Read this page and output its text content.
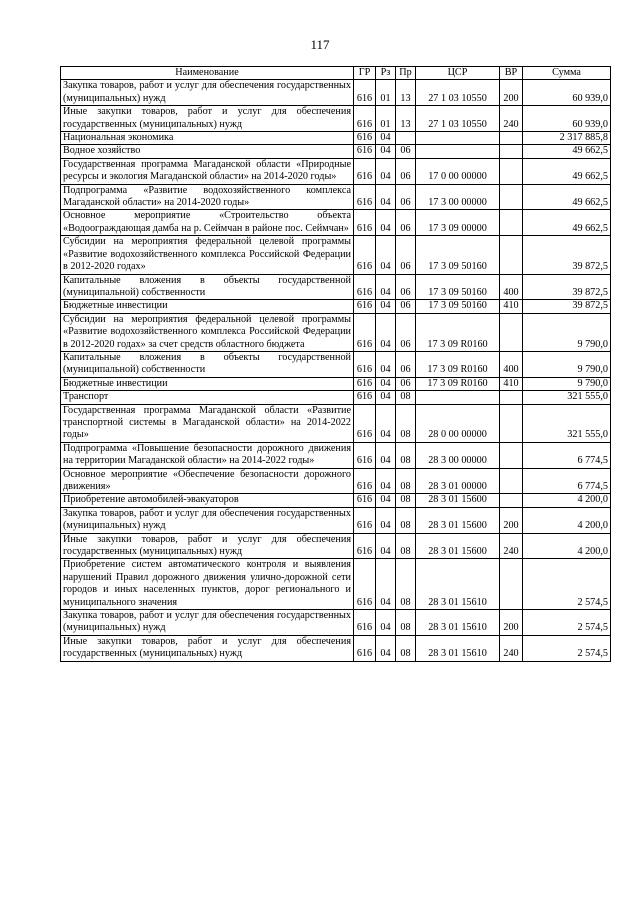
117
Наименование	ГР	Рз	Пр	ЦСР	ВР	Сумма
Закупка товаров, работ и услуг для обеспечения государственных (муниципальных) нужд	616	01	13	27 1 03 10550	200	60 939,0
Иные закупки товаров, работ и услуг для обеспечения государственных (муниципальных) нужд	616	01	13	27 1 03 10550	240	60 939,0
Национальная экономика	616	04				2 317 885,8
Водное хозяйство	616	04	06			49 662,5
Государственная программа Магаданской области «Природные ресурсы и экология Магаданской области» на 2014-2020 годы»	616	04	06	17 0 00 00000		49 662,5
Подпрограмма «Развитие водохозяйственного комплекса Магаданской области» на 2014-2020 годы»	616	04	06	17 3 00 00000		49 662,5
Основное мероприятие «Строительство объекта «Водоограждающая дамба на р. Сеймчан в районе пос. Сеймчан»	616	04	06	17 3 09 00000		49 662,5
Субсидии на мероприятия федеральной целевой программы «Развитие водохозяйственного комплекса Российской Федерации в 2012-2020 годах»	616	04	06	17 3 09 50160		39 872,5
Капитальные вложения в объекты государственной (муниципальной) собственности	616	04	06	17 3 09 50160	400	39 872,5
Бюджетные инвестиции	616	04	06	17 3 09 50160	410	39 872,5
Субсидии на мероприятия федеральной целевой программы «Развитие водохозяйственного комплекса Российской Федерации в 2012-2020 годах» за счет средств областного бюджета	616	04	06	17 3 09 R0160		9 790,0
Капитальные вложения в объекты государственной (муниципальной) собственности	616	04	06	17 3 09 R0160	400	9 790,0
Бюджетные инвестиции	616	04	06	17 3 09 R0160	410	9 790,0
Транспорт	616	04	08			321 555,0
Государственная программа Магаданской области «Развитие транспортной системы в Магаданской области» на 2014-2022 годы»	616	04	08	28 0 00 00000		321 555,0
Подпрограмма «Повышение безопасности дорожного движения на территории Магаданской области» на 2014-2022 годы»	616	04	08	28 3 00 00000		6 774,5
Основное мероприятие «Обеспечение безопасности дорожного движения»	616	04	08	28 3 01 00000		6 774,5
Приобретение автомобилей-эвакуаторов	616	04	08	28 3 01 15600		4 200,0
Закупка товаров, работ и услуг для обеспечения государственных (муниципальных) нужд	616	04	08	28 3 01 15600	200	4 200,0
Иные закупки товаров, работ и услуг для обеспечения государственных (муниципальных) нужд	616	04	08	28 3 01 15600	240	4 200,0
Приобретение систем автоматического контроля и выявления нарушений Правил дорожного движения улично-дорожной сети городов и иных населенных пунктов, дорог регионального и муниципального значения	616	04	08	28 3 01 15610		2 574,5
Закупка товаров, работ и услуг для обеспечения государственных (муниципальных) нужд	616	04	08	28 3 01 15610	200	2 574,5
Иные закупки товаров, работ и услуг для обеспечения государственных (муниципальных) нужд	616	04	08	28 3 01 15610	240	2 574,5
